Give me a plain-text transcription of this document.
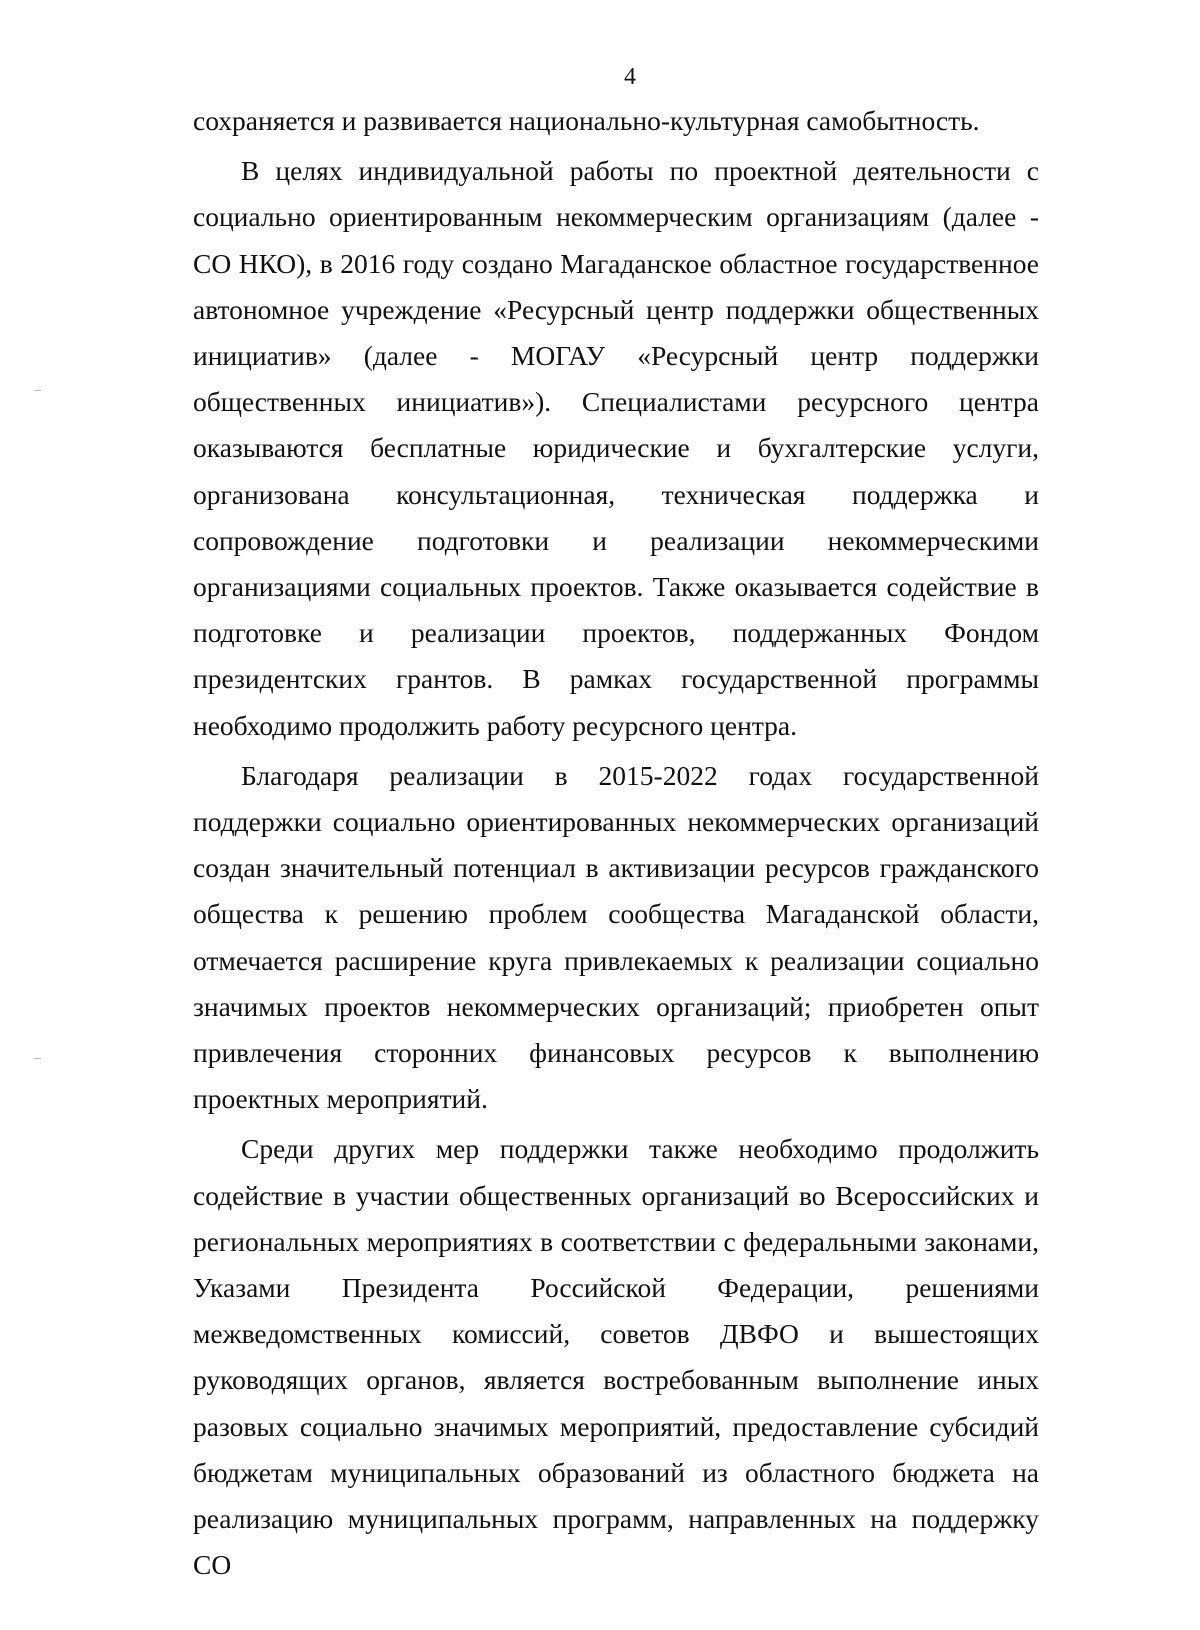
4

сохраняется и развивается национально-культурная самобытность.

В целях индивидуальной работы по проектной деятельности с социально ориентированным некоммерческим организациям (далее - СО НКО), в 2016 году создано Магаданское областное государственное автономное учреждение «Ресурсный центр поддержки общественных инициатив» (далее - МОГАУ «Ресурсный центр поддержки общественных инициатив»). Специалистами ресурсного центра оказываются бесплатные юридические и бухгалтерские услуги, организована консультационная, техническая поддержка и сопровождение подготовки и реализации некоммерческими организациями социальных проектов. Также оказывается содействие в подготовке и реализации проектов, поддержанных Фондом президентских грантов. В рамках государственной программы необходимо продолжить работу ресурсного центра.

Благодаря реализации в 2015-2022 годах государственной поддержки социально ориентированных некоммерческих организаций создан значительный потенциал в активизации ресурсов гражданского общества к решению проблем сообщества Магаданской области, отмечается расширение круга привлекаемых к реализации социально значимых проектов некоммерческих организаций; приобретен опыт привлечения сторонних финансовых ресурсов к выполнению проектных мероприятий.

Среди других мер поддержки также необходимо продолжить содействие в участии общественных организаций во Всероссийских и региональных мероприятиях в соответствии с федеральными законами, Указами Президента Российской Федерации, решениями межведомственных комиссий, советов ДВФО и вышестоящих руководящих органов, является востребованным выполнение иных разовых социально значимых мероприятий, предоставление субсидий бюджетам муниципальных образований из областного бюджета на реализацию муниципальных программ, направленных на поддержку СО
